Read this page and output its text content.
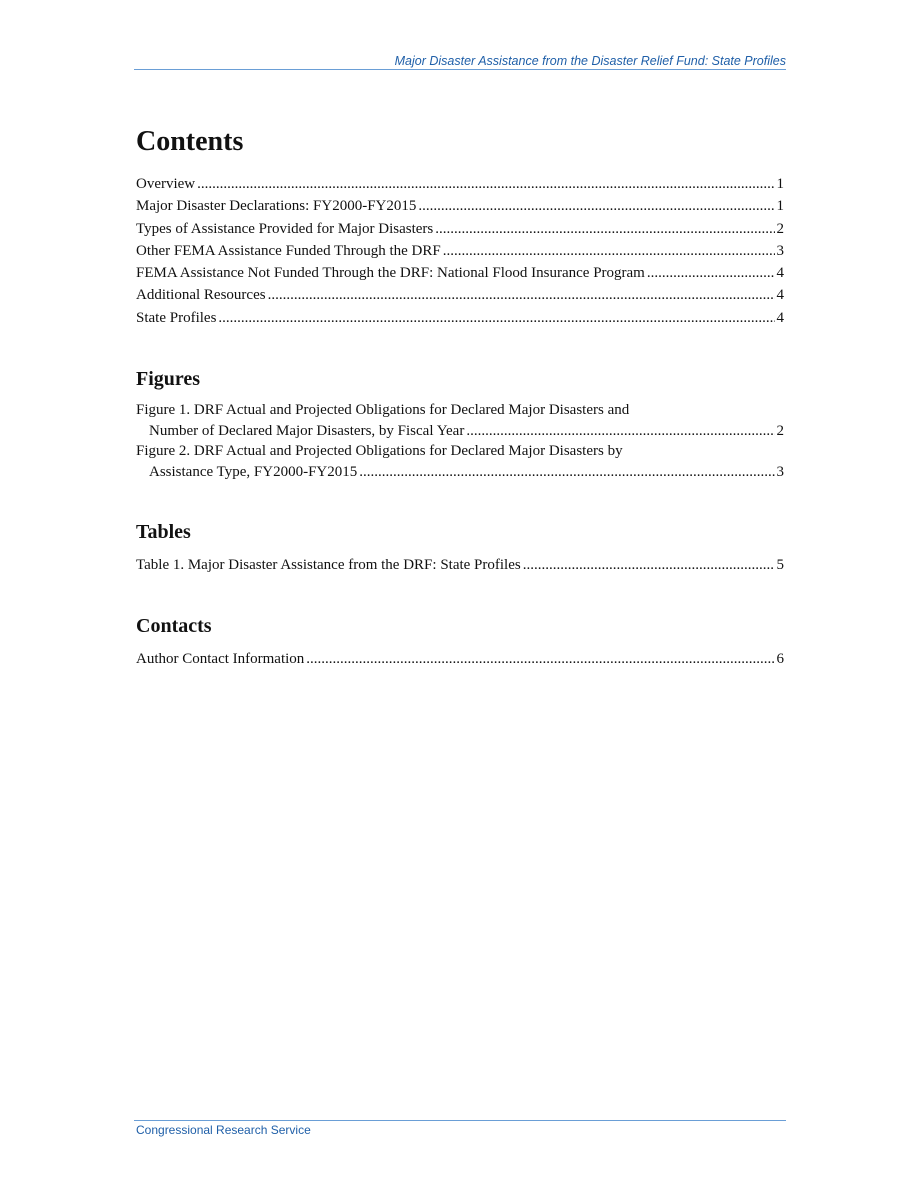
Major Disaster Assistance from the Disaster Relief Fund: State Profiles
Contents
Overview .....	1
Major Disaster Declarations: FY2000-FY2015 .....	1
Types of Assistance Provided for Major Disasters .....	2
Other FEMA Assistance Funded Through the DRF .....	3
FEMA Assistance Not Funded Through the DRF: National Flood Insurance Program .....	4
Additional Resources .....	4
State Profiles .....	4
Figures
Figure 1. DRF Actual and Projected Obligations for Declared Major Disasters and
Number of Declared Major Disasters, by Fiscal Year .....	2
Figure 2. DRF Actual and Projected Obligations for Declared Major Disasters by
Assistance Type, FY2000-FY2015 .....	3
Tables
Table 1. Major Disaster Assistance from the DRF: State Profiles .....	5
Contacts
Author Contact Information .....	6
Congressional Research Service
